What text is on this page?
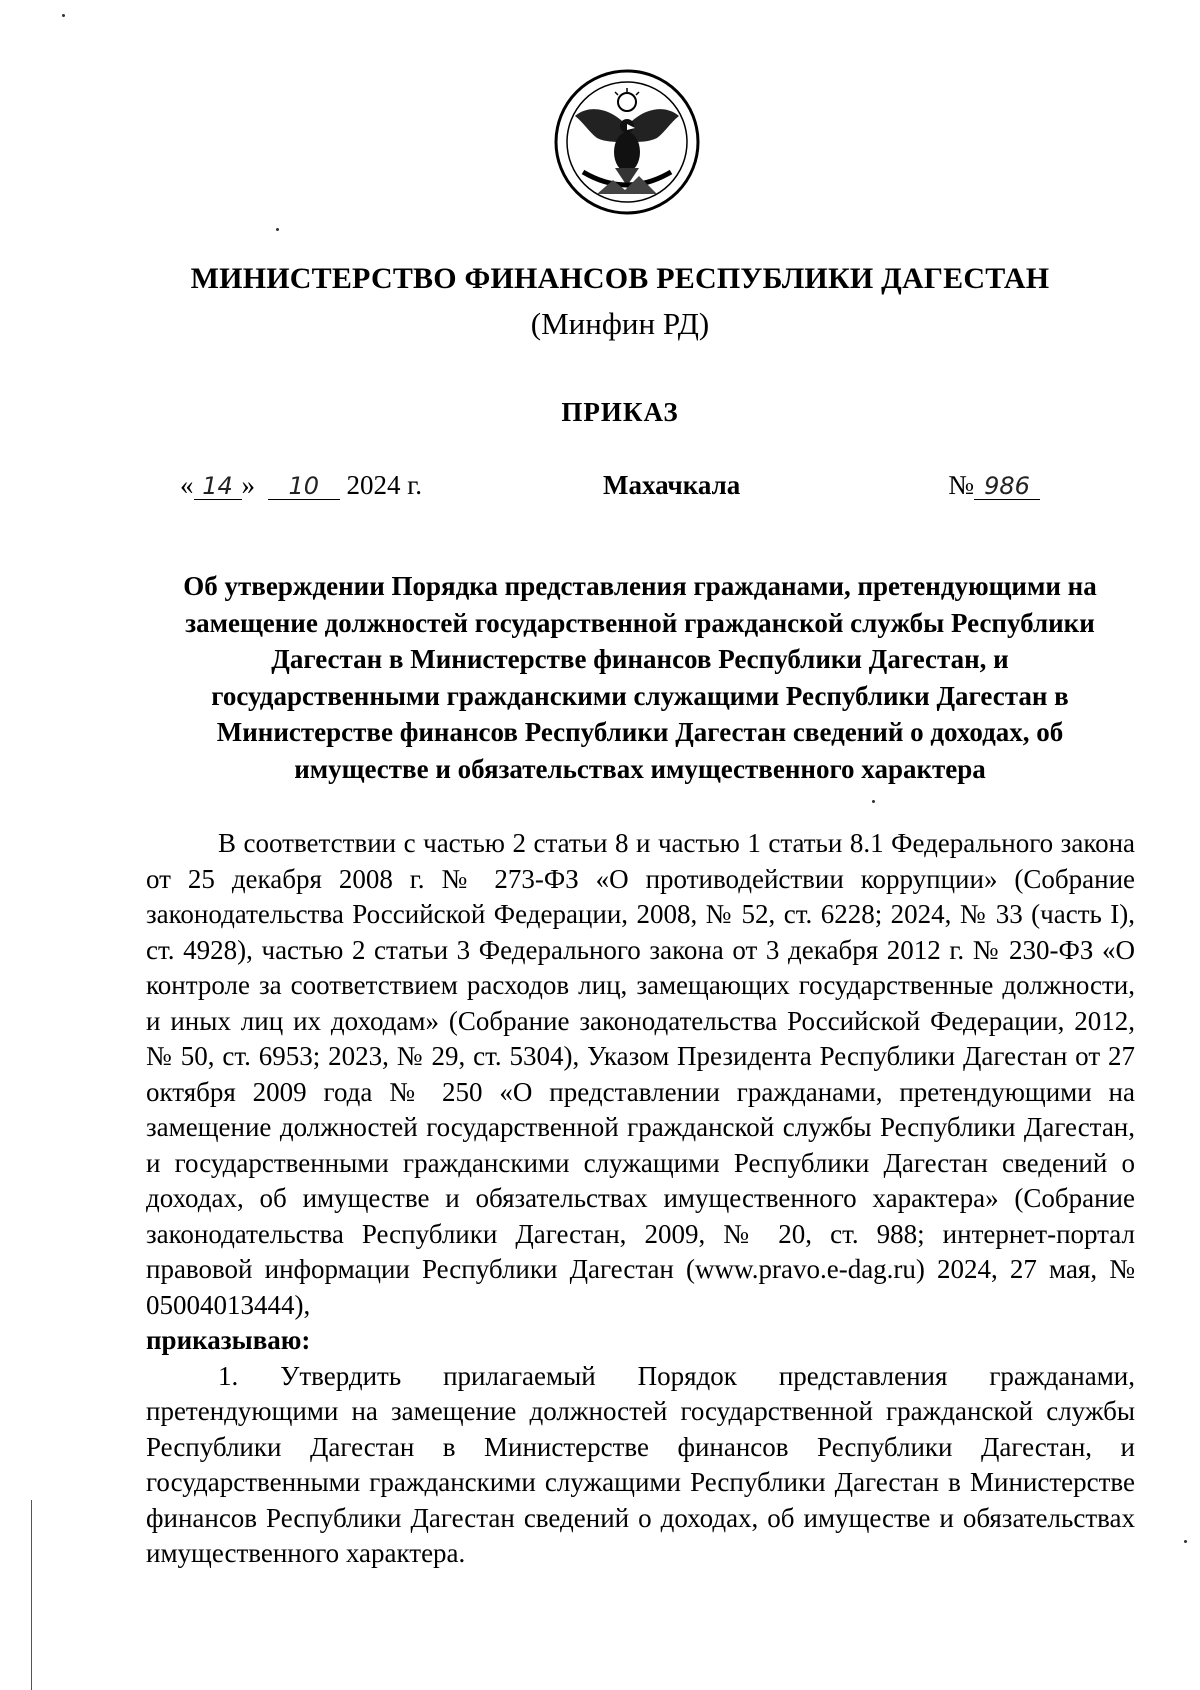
МИНИСТЕРСТВО ФИНАНСОВ РЕСПУБЛИКИ ДАГЕСТАН
(Минфин РД)
ПРИКАЗ
« 14 » 10 2024 г.	Махачкала	№ 986
Об утверждении Порядка представления гражданами, претендующими на замещение должностей государственной гражданской службы Республики Дагестан в Министерстве финансов Республики Дагестан, и государственными гражданскими служащими Республики Дагестан в Министерстве финансов Республики Дагестан сведений о доходах, об имуществе и обязательствах имущественного характера

В соответствии с частью 2 статьи 8 и частью 1 статьи 8.1 Федерального закона от 25 декабря 2008 г. № 273-ФЗ «О противодействии коррупции» (Собрание законодательства Российской Федерации, 2008, № 52, ст. 6228; 2024, № 33 (часть I), ст. 4928), частью 2 статьи 3 Федерального закона от 3 декабря 2012 г. № 230-ФЗ «О контроле за соответствием расходов лиц, замещающих государственные должности, и иных лиц их доходам» (Собрание законодательства Российской Федерации, 2012, № 50, ст. 6953; 2023, № 29, ст. 5304), Указом Президента Республики Дагестан от 27 октября 2009 года № 250 «О представлении гражданами, претендующими на замещение должностей государственной гражданской службы Республики Дагестан, и государственными гражданскими служащими Республики Дагестан сведений о доходах, об имуществе и обязательствах имущественного характера» (Собрание законодательства Республики Дагестан, 2009, № 20, ст. 988; интернет-портал правовой информации Республики Дагестан (www.pravo.e-dag.ru) 2024, 27 мая, № 05004013444),

приказываю:

1. Утвердить прилагаемый Порядок представления гражданами, претендующими на замещение должностей государственной гражданской службы Республики Дагестан в Министерстве финансов Республики Дагестан, и государственными гражданскими служащими Республики Дагестан в Министерстве финансов Республики Дагестан сведений о доходах, об имуществе и обязательствах имущественного характера.
